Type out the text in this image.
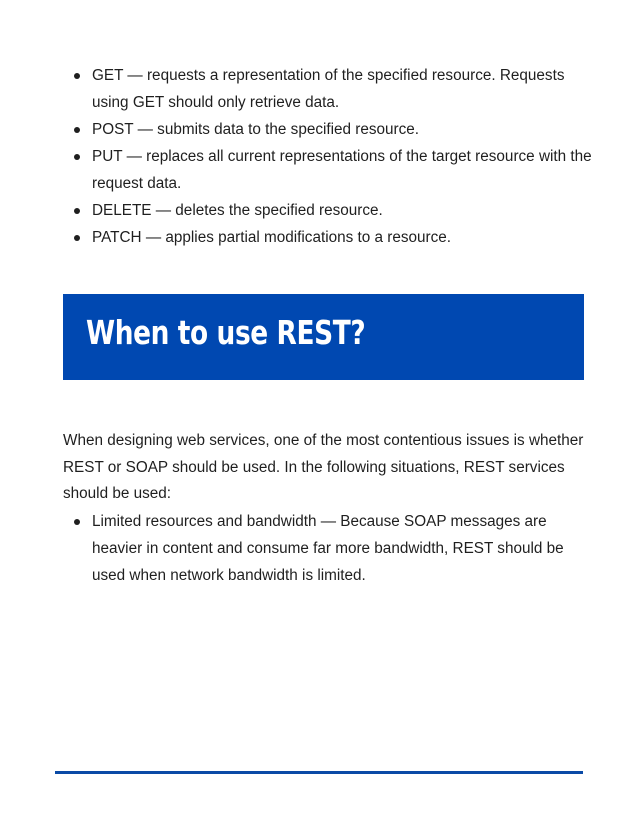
GET — requests a representation of the specified resource. Requests using GET should only retrieve data.
POST — submits data to the specified resource.
PUT — replaces all current representations of the target resource with the request data.
DELETE — deletes the specified resource.
PATCH — applies partial modifications to a resource.
When to use REST?

When designing web services, one of the most contentious issues is whether REST or SOAP should be used. In the following situations, REST services should be used:

Limited resources and bandwidth — Because SOAP messages are heavier in content and consume far more bandwidth, REST should be used when network bandwidth is limited.
